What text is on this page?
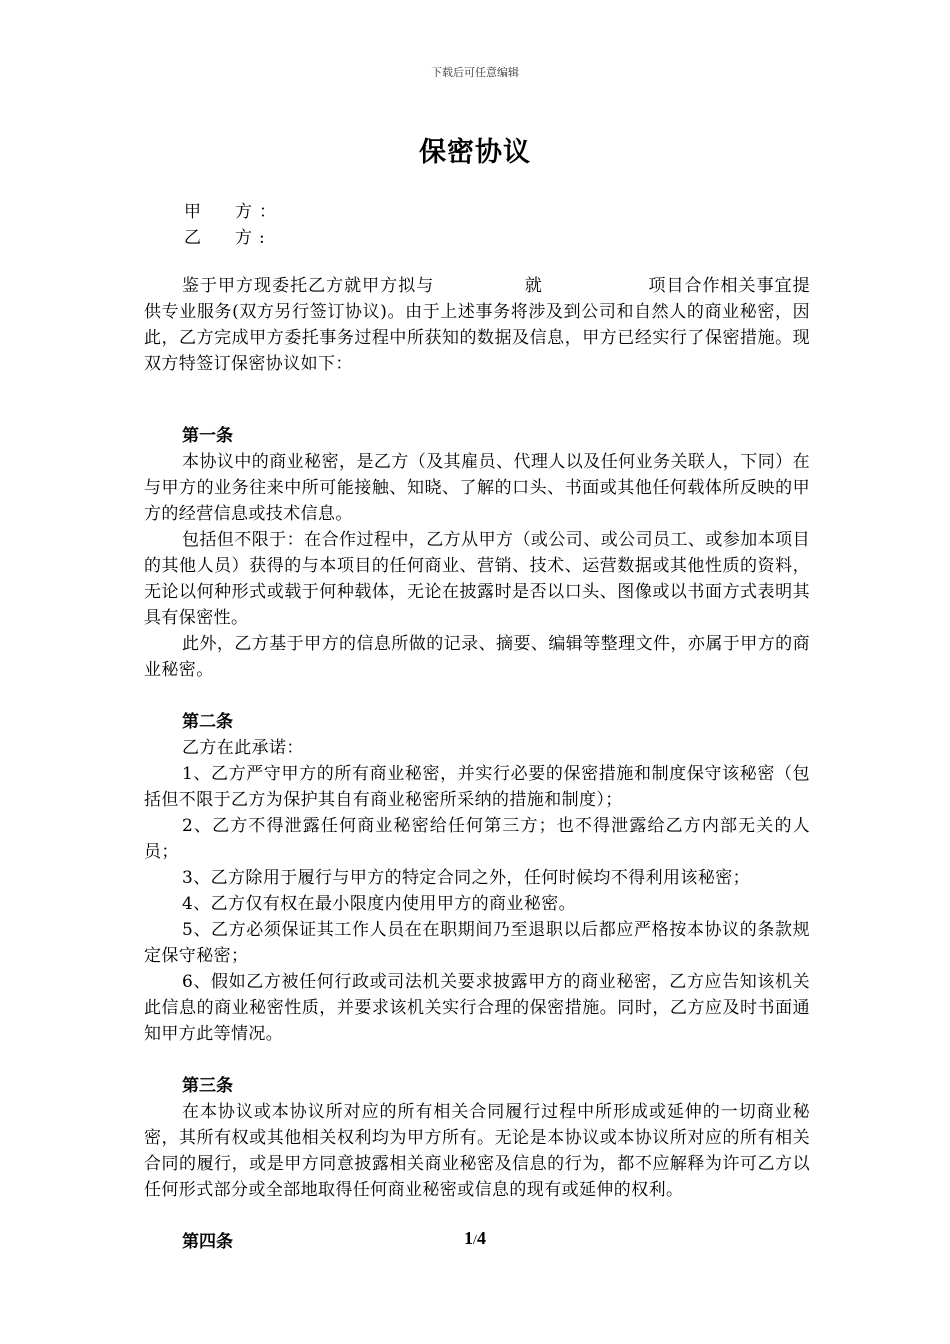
下载后可任意编辑
保密协议
甲　　方 ：
乙　　方 :

鉴于甲方现委托乙方就甲方拟与	就	项目合作相关事宜提供专业服务(双方另行签订协议)。由于上述事务将涉及到公司和自然人的商业秘密，因此，乙方完成甲方委托事务过程中所获知的数据及信息，甲方已经实行了保密措施。现双方特签订保密协议如下：

第一条

本协议中的商业秘密，是乙方（及其雇员、代理人以及任何业务关联人，下同）在与甲方的业务往来中所可能接触、知晓、了解的口头、书面或其他任何载体所反映的甲方的经营信息或技术信息。

包括但不限于：在合作过程中，乙方从甲方（或公司、或公司员工、或参加本项目的其他人员）获得的与本项目的任何商业、营销、技术、运营数据或其他性质的资料，无论以何种形式或载于何种载体，无论在披露时是否以口头、图像或以书面方式表明其具有保密性。

此外，乙方基于甲方的信息所做的记录、摘要、编辑等整理文件，亦属于甲方的商业秘密。

第二条

乙方在此承诺：

1、乙方严守甲方的所有商业秘密，并实行必要的保密措施和制度保守该秘密（包括但不限于乙方为保护其自有商业秘密所采纳的措施和制度）；

2、乙方不得泄露任何商业秘密给任何第三方；也不得泄露给乙方内部无关的人员；

3、乙方除用于履行与甲方的特定合同之外，任何时候均不得利用该秘密；

4、乙方仅有权在最小限度内使用甲方的商业秘密。

5、乙方必须保证其工作人员在在职期间乃至退职以后都应严格按本协议的条款规定保守秘密；

6、假如乙方被任何行政或司法机关要求披露甲方的商业秘密，乙方应告知该机关此信息的商业秘密性质，并要求该机关实行合理的保密措施。同时，乙方应及时书面通知甲方此等情况。

第三条

在本协议或本协议所对应的所有相关合同履行过程中所形成或延伸的一切商业秘密，其所有权或其他相关权利均为甲方所有。无论是本协议或本协议所对应的所有相关合同的履行，或是甲方同意披露相关商业秘密及信息的行为，都不应解释为许可乙方以任何形式部分或全部地取得任何商业秘密或信息的现有或延伸的权利。

第四条	1/4
